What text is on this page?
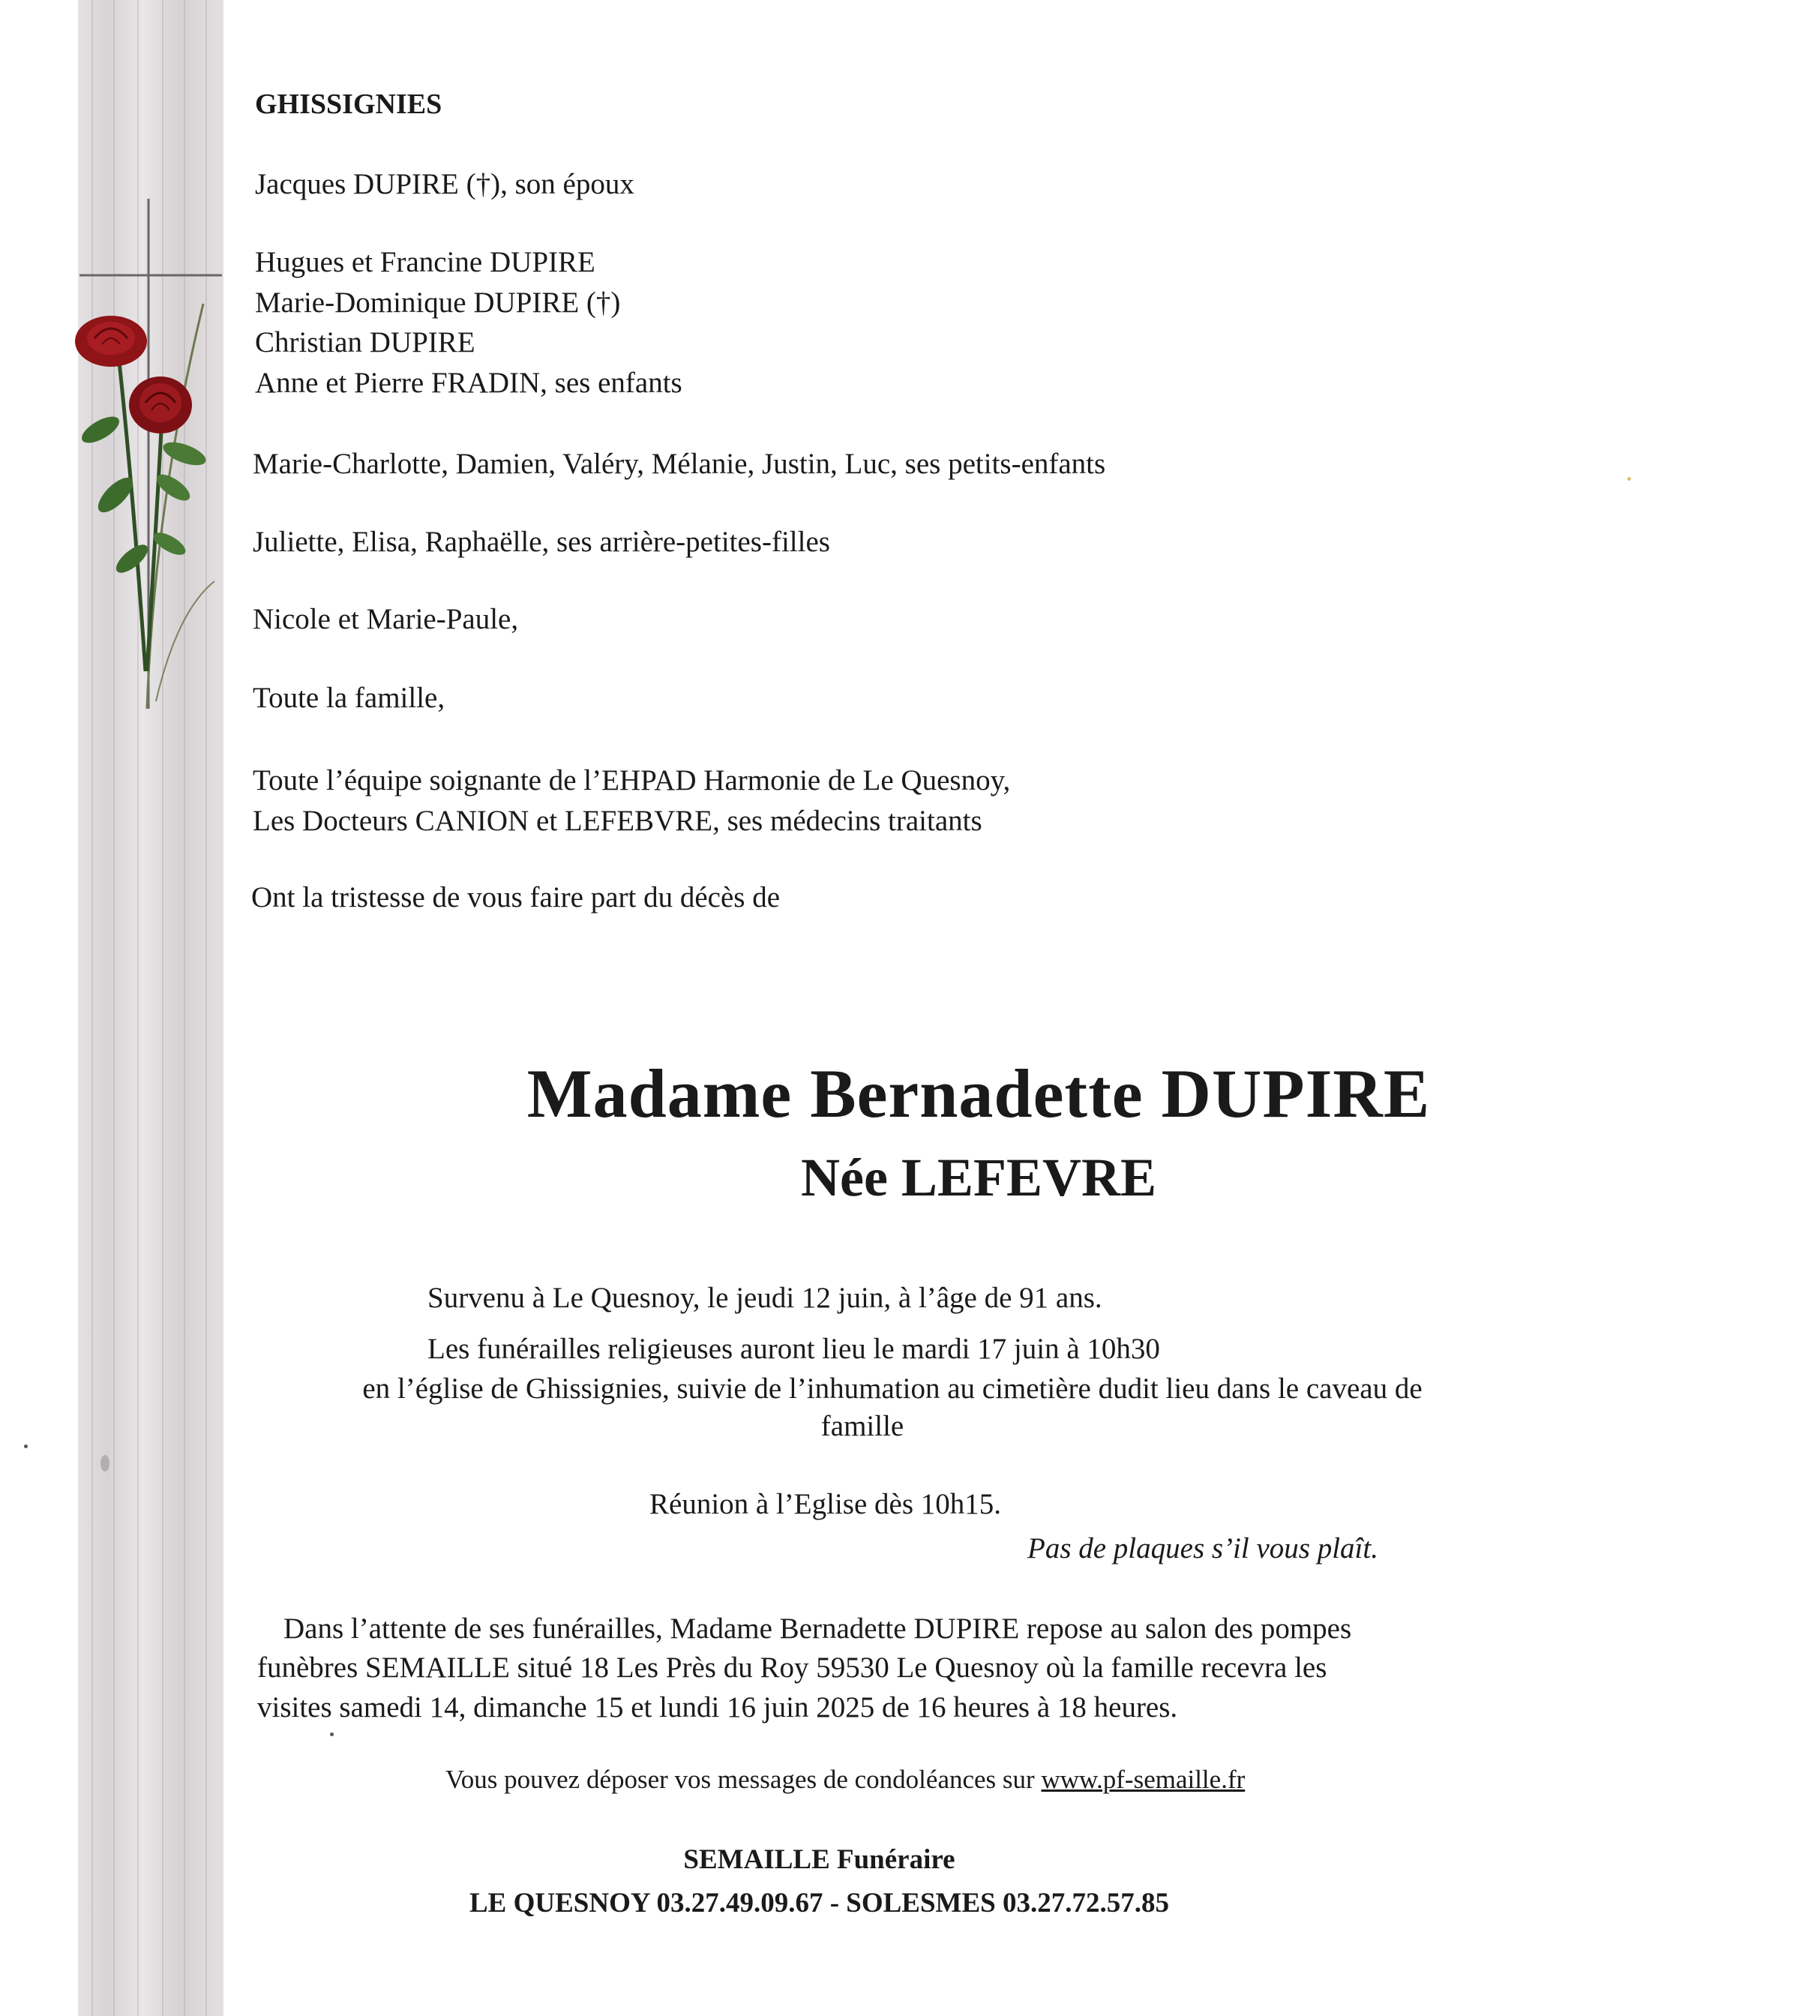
GHISSIGNIES
Jacques DUPIRE (†), son époux
Hugues et Francine DUPIRE
Marie-Dominique DUPIRE (†)
Christian DUPIRE
Anne et Pierre FRADIN, ses enfants
Marie-Charlotte, Damien, Valéry, Mélanie, Justin, Luc, ses petits-enfants
Juliette, Elisa, Raphaëlle, ses arrière-petites-filles
Nicole et Marie-Paule,
Toute la famille,
Toute l’équipe soignante de l’EHPAD Harmonie de Le Quesnoy,
Les Docteurs CANION et LEFEBVRE, ses médecins traitants
Ont la tristesse de vous faire part du décès de
Madame Bernadette DUPIRE
Née LEFEVRE
Survenu à Le Quesnoy, le jeudi 12 juin, à l’âge de 91 ans.
Les funérailles religieuses auront lieu le mardi 17 juin à 10h30
en l’église de Ghissignies, suivie de l’inhumation au cimetière dudit lieu dans le caveau de
famille
Réunion à l’Eglise dès 10h15.
Pas de plaques s’il vous plaît.
Dans l’attente de ses funérailles, Madame Bernadette DUPIRE repose au salon des pompes
funèbres SEMAILLE situé 18 Les Près du Roy 59530 Le Quesnoy où la famille recevra les
visites samedi 14, dimanche 15 et lundi 16 juin 2025 de 16 heures à 18 heures.
Vous pouvez déposer vos messages de condoléances sur www.pf-semaille.fr
SEMAILLE Funéraire
LE QUESNOY 03.27.49.09.67 - SOLESMES 03.27.72.57.85
